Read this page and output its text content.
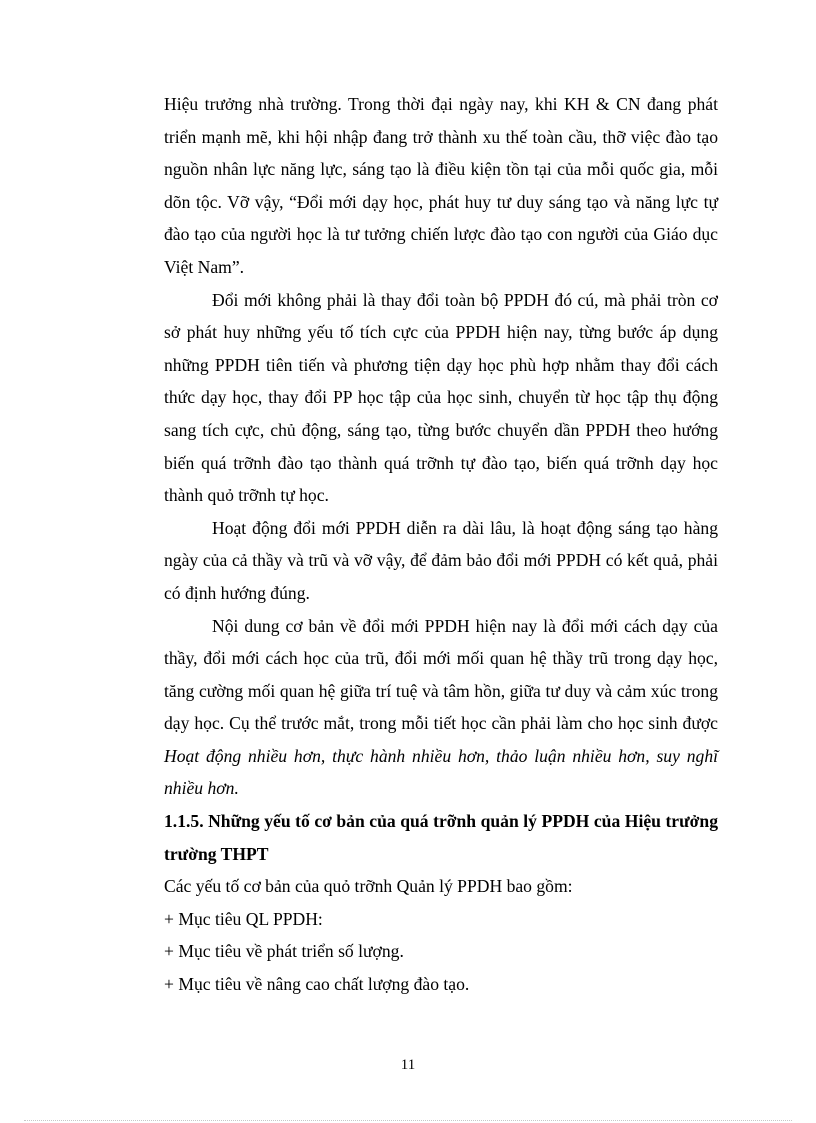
Hiệu trưởng nhà trường. Trong thời đại ngày nay, khi KH & CN đang phát triển mạnh mẽ, khi hội nhập đang trở thành xu thế toàn cầu, thỡ việc đào tạo nguồn nhân lực năng lực, sáng tạo là điều kiện tồn tại của mỗi quốc gia, mỗi dõn tộc. Vỡ vậy, “Đổi mới dạy học, phát huy tư duy sáng tạo và năng lực tự đào tạo của người học là tư tưởng chiến lược đào tạo con người của Giáo dục Việt Nam”.

Đổi mới không phải là thay đổi toàn bộ PPDH đó cú, mà phải tròn cơ sở phát huy những yếu tố tích cực của PPDH hiện nay, từng bước áp dụng những PPDH tiên tiến và phương tiện dạy học phù hợp nhằm thay đổi cách thức dạy học, thay đổi PP học tập của học sinh, chuyển từ học tập thụ động sang tích cực, chủ động, sáng tạo, từng bước chuyển dần PPDH theo hướng biến quá trỡnh đào tạo thành quá trỡnh tự đào tạo, biến quá trỡnh dạy học thành quỏ trỡnh tự học.

Hoạt động đổi mới PPDH diễn ra dài lâu, là hoạt động sáng tạo hàng ngày của cả thầy và trũ và vỡ vậy, để đảm bảo đổi mới PPDH có kết quả, phải có định hướng đúng.

Nội dung cơ bản về đổi mới PPDH hiện nay là đổi mới cách dạy của thầy, đổi mới cách học của trũ, đổi mới mối quan hệ thầy trũ trong dạy học, tăng cường mối quan hệ giữa trí tuệ và tâm hồn, giữa tư duy và cảm xúc trong dạy học. Cụ thể trước mắt, trong mỗi tiết học cần phải làm cho học sinh được Hoạt động nhiều hơn, thực hành nhiều hơn, thảo luận nhiều hơn, suy nghĩ nhiều hơn.

1.1.5. Những yếu tố cơ bản của quá trỡnh quản lý PPDH của Hiệu trưởng trường THPT

Các yếu tố cơ bản của quỏ trỡnh Quản lý PPDH bao gồm:

+ Mục tiêu QL PPDH:

+ Mục tiêu về phát triển số lượng.

+ Mục tiêu về nâng cao chất lượng đào tạo.

11
